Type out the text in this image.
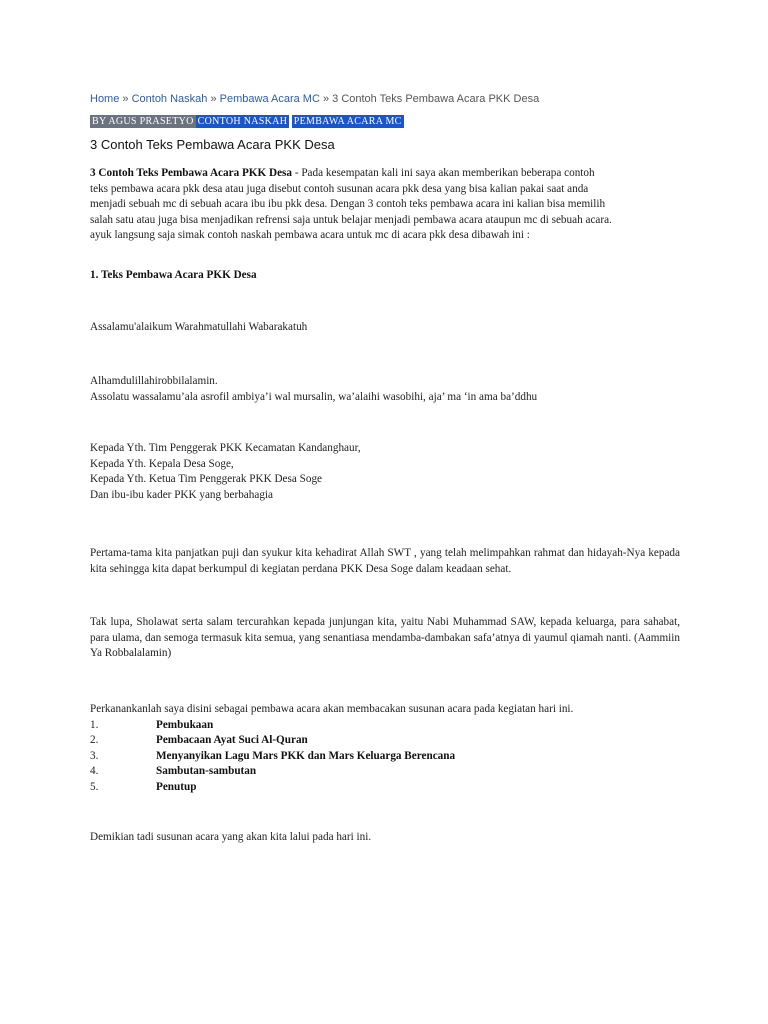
Home » Contoh Naskah » Pembawa Acara MC » 3 Contoh Teks Pembawa Acara PKK Desa
BY AGUS PRASETYO CONTOH NASKAH PEMBAWA ACARA MC
3 Contoh Teks Pembawa Acara PKK Desa

3 Contoh Teks Pembawa Acara PKK Desa - Pada kesempatan kali ini saya akan memberikan beberapa contoh

teks pembawa acara pkk desa atau juga disebut contoh susunan acara pkk desa yang bisa kalian pakai saat anda

menjadi sebuah mc di sebuah acara ibu ibu pkk desa. Dengan 3 contoh teks pembawa acara ini kalian bisa memilih

salah satu atau juga bisa menjadikan refrensi saja untuk belajar menjadi pembawa acara ataupun mc di sebuah acara.

ayuk langsung saja simak contoh naskah pembawa acara untuk mc di acara pkk desa dibawah ini :

1. Teks Pembawa Acara PKK Desa

Assalamu'alaikum Warahmatullahi Wabarakatuh

Alhamdulillahirobbilalamin.

Assolatu wassalamu’ala asrofil ambiya’i wal mursalin, wa’alaihi wasobihi, aja’ ma ‘in ama ba’ddhu

Kepada Yth. Tim Penggerak PKK Kecamatan Kandanghaur,

Kepada Yth. Kepala Desa Soge,

Kepada Yth. Ketua Tim Penggerak PKK Desa Soge

Dan ibu-ibu kader PKK yang berbahagia

Pertama-tama kita panjatkan puji dan syukur kita kehadirat Allah SWT , yang telah melimpahkan rahmat dan hidayah-Nya kepada kita sehingga kita dapat berkumpul di kegiatan perdana PKK Desa Soge dalam keadaan sehat.

Tak lupa, Sholawat serta salam tercurahkan kepada junjungan kita, yaitu Nabi Muhammad SAW, kepada keluarga, para sahabat, para ulama, dan semoga termasuk kita semua, yang senantiasa mendamba-dambakan safa’atnya di yaumul qiamah nanti. (Aammiin Ya Robbalalamin)

Perkanankanlah saya disini sebagai pembawa acara akan membacakan susunan acara pada kegiatan hari ini.

1.	Pembukaan
2.	Pembacaan Ayat Suci Al-Quran
3.	Menyanyikan Lagu Mars PKK dan Mars Keluarga Berencana
4.	Sambutan-sambutan
5.	Penutup

Demikian tadi susunan acara yang akan kita lalui pada hari ini.
